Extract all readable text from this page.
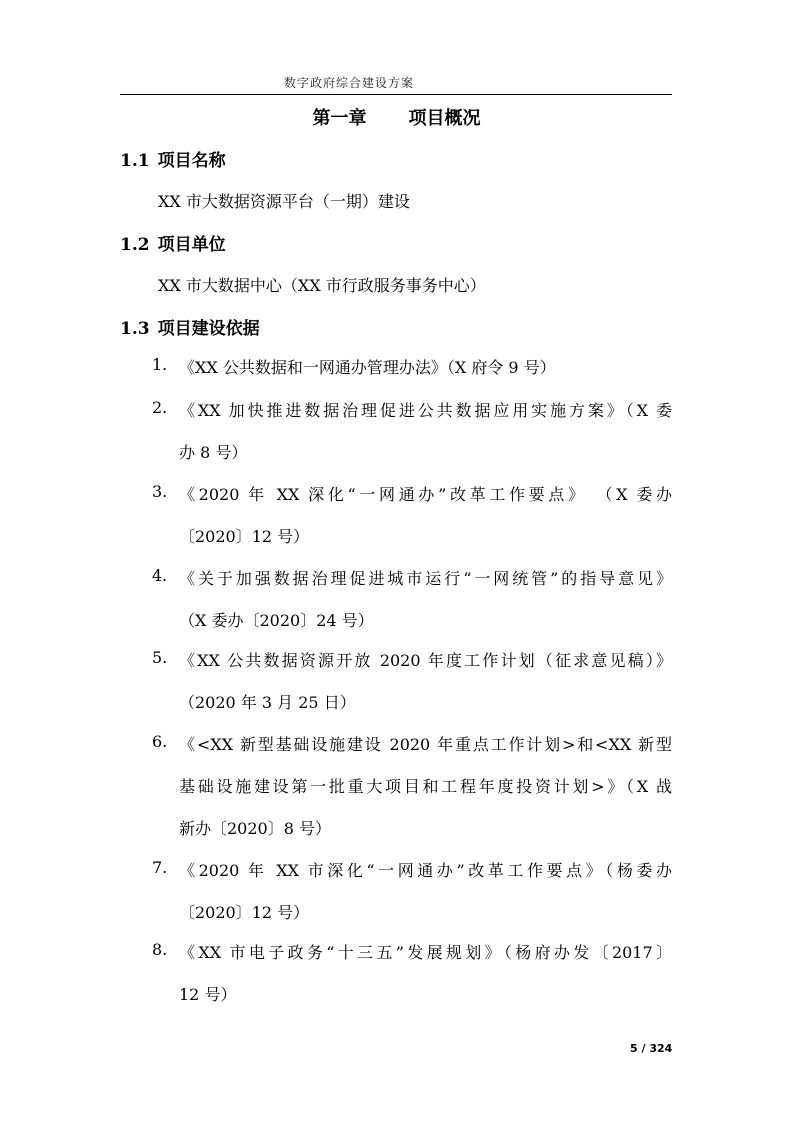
数字政府综合建设方案
第一章 项目概况
1.1 项目名称
XX 市大数据资源平台（一期）建设
1.2 项目单位
XX 市大数据中心（XX 市行政服务事务中心）
1.3 项目建设依据
1. 《XX 公共数据和一网通办管理办法》（X 府令 9 号）
2. 《XX 加快推进数据治理促进公共数据应用实施方案》（X 委
办 8 号）
3. 《2020 年 XX 深化“一网通办”改革工作要点》 （X 委办
〔2020〕12 号）
4. 《关于加强数据治理促进城市运行“一网统管”的指导意见》
（X 委办〔2020〕24 号）
5. 《XX 公共数据资源开放 2020 年度工作计划（征求意见稿）》
（2020 年 3 月 25 日）
6. 《<XX 新型基础设施建设 2020 年重点工作计划>和<XX 新型
基础设施建设第一批重大项目和工程年度投资计划>》（X 战
新办〔2020〕8 号）
7. 《2020 年 XX 市深化“一网通办”改革工作要点》（杨委办
〔2020〕12 号）
8. 《XX 市电子政务“十三五”发展规划》（杨府办发〔2017〕
12 号）
5 / 324
